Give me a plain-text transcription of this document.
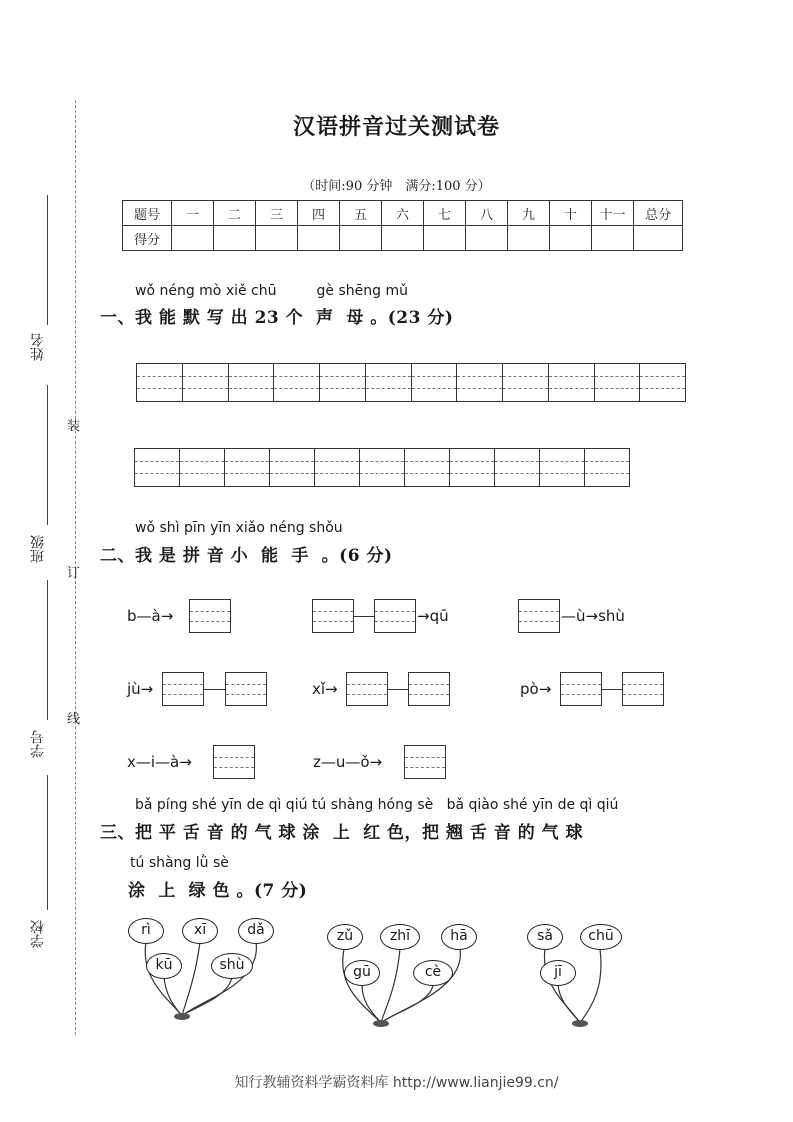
姓名
班级
学号
学校
装
订
线
汉语拼音过关测试卷
（时间:90 分钟　满分:100 分）
题号	一	二	三	四	五	六	七	八	九	十	十一	总分
得分												
wǒ néng mò xiě chū         gè shēng mǔ
一、我 能 默 写 出 23 个  声  母 。(23 分)
wǒ shì pīn yīn xiǎo néng shǒu
二、我 是 拼 音 小  能  手  。(6 分)
b—à→	→qū	—ù→shù
jù→	xǐ→	pò→
x—i—à→	z—u—ǒ→
bǎ píng shé yīn de qì qiú tú shàng hóng sè   bǎ qiào shé yīn de qì qiú
三、把 平 舌 音 的 气 球 涂  上  红 色，把 翘 舌 音 的 气 球
tú shàng lǜ sè
涂  上  绿 色 。(7 分)
rì	xī	dǎ
kū	shù
zǔ	zhī	hā
gū	cè
sǎ	chū
jī
知行教辅资料学霸资料库 http://www.lianjie99.cn/
